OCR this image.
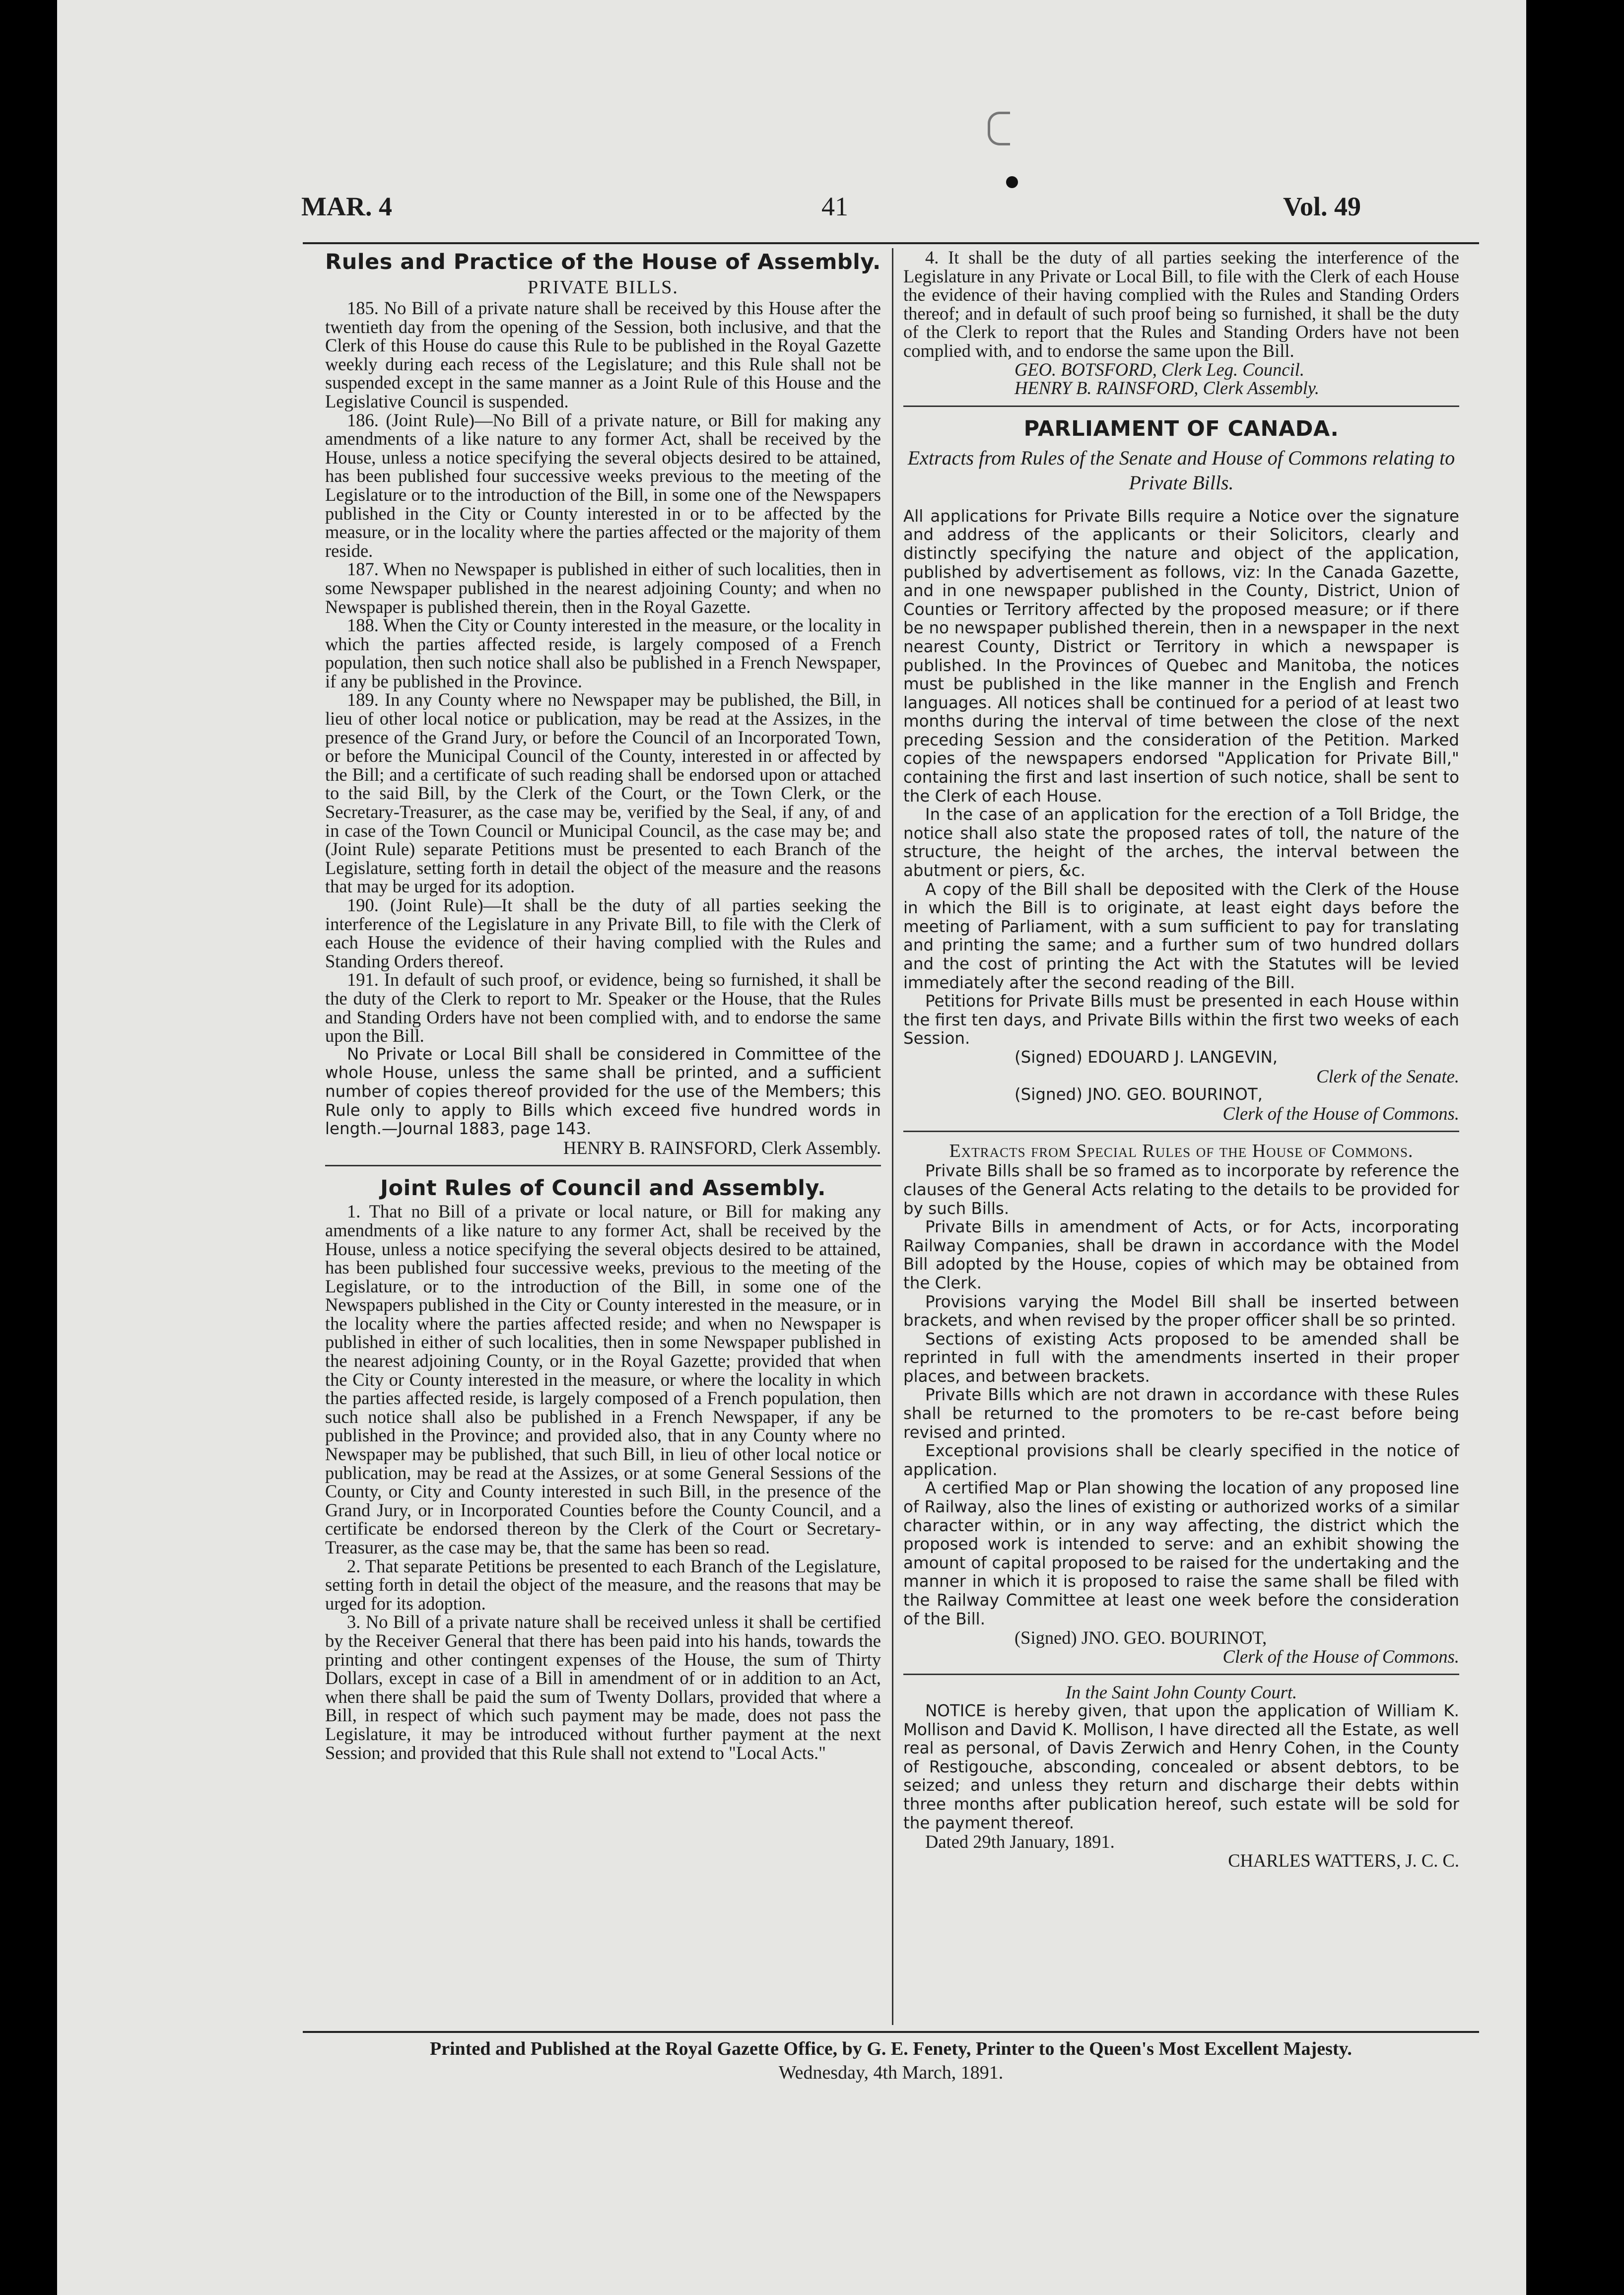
MAR. 4	41	Vol. 49
Rules and Practice of the House of Assembly.
PRIVATE BILLS.

185. No Bill of a private nature shall be received by this House after the twentieth day from the opening of the Session, both inclusive, and that the Clerk of this House do cause this Rule to be published in the Royal Gazette weekly during each recess of the Legislature; and this Rule shall not be suspended except in the same manner as a Joint Rule of this House and the Legislative Council is suspended.

186. (Joint Rule)—No Bill of a private nature, or Bill for making any amendments of a like nature to any former Act, shall be received by the House, unless a notice specifying the several objects desired to be attained, has been published four successive weeks previous to the meeting of the Legislature or to the introduction of the Bill, in some one of the Newspapers published in the City or County interested in or to be affected by the measure, or in the locality where the parties affected or the majority of them reside.

187. When no Newspaper is published in either of such localities, then in some Newspaper published in the nearest adjoining County; and when no Newspaper is published therein, then in the Royal Gazette.

188. When the City or County interested in the measure, or the locality in which the parties affected reside, is largely composed of a French population, then such notice shall also be published in a French Newspaper, if any be published in the Province.

189. In any County where no Newspaper may be published, the Bill, in lieu of other local notice or publication, may be read at the Assizes, in the presence of the Grand Jury, or before the Council of an Incorporated Town, or before the Municipal Council of the County, interested in or affected by the Bill; and a certificate of such reading shall be endorsed upon or attached to the said Bill, by the Clerk of the Court, or the Town Clerk, or the Secretary-Treasurer, as the case may be, verified by the Seal, if any, of and in case of the Town Council or Municipal Council, as the case may be; and (Joint Rule) separate Petitions must be presented to each Branch of the Legislature, setting forth in detail the object of the measure and the reasons that may be urged for its adoption.

190. (Joint Rule)—It shall be the duty of all parties seeking the interference of the Legislature in any Private Bill, to file with the Clerk of each House the evidence of their having complied with the Rules and Standing Orders thereof.

191. In default of such proof, or evidence, being so furnished, it shall be the duty of the Clerk to report to Mr. Speaker or the House, that the Rules and Standing Orders have not been complied with, and to endorse the same upon the Bill.

No Private or Local Bill shall be considered in Committee of the whole House, unless the same shall be printed, and a sufficient number of copies thereof provided for the use of the Members; this Rule only to apply to Bills which exceed five hundred words in length.—Journal 1883, page 143.

HENRY B. RAINSFORD, Clerk Assembly.

Joint Rules of Council and Assembly.

1. That no Bill of a private or local nature, or Bill for making any amendments of a like nature to any former Act, shall be received by the House, unless a notice specifying the several objects desired to be attained, has been published four successive weeks, previous to the meeting of the Legislature, or to the introduction of the Bill, in some one of the Newspapers published in the City or County interested in the measure, or in the locality where the parties affected reside; and when no Newspaper is published in either of such localities, then in some Newspaper published in the nearest adjoining County, or in the Royal Gazette; provided that when the City or County interested in the measure, or where the locality in which the parties affected reside, is largely composed of a French population, then such notice shall also be published in a French Newspaper, if any be published in the Province; and provided also, that in any County where no Newspaper may be published, that such Bill, in lieu of other local notice or publication, may be read at the Assizes, or at some General Sessions of the County, or City and County interested in such Bill, in the presence of the Grand Jury, or in Incorporated Counties before the County Council, and a certificate be endorsed thereon by the Clerk of the Court or Secretary-Treasurer, as the case may be, that the same has been so read.

2. That separate Petitions be presented to each Branch of the Legislature, setting forth in detail the object of the measure, and the reasons that may be urged for its adoption.

3. No Bill of a private nature shall be received unless it shall be certified by the Receiver General that there has been paid into his hands, towards the printing and other contingent expenses of the House, the sum of Thirty Dollars, except in case of a Bill in amendment of or in addition to an Act, when there shall be paid the sum of Twenty Dollars, provided that where a Bill, in respect of which such payment may be made, does not pass the Legislature, it may be introduced without further payment at the next Session; and provided that this Rule shall not extend to "Local Acts."

4. It shall be the duty of all parties seeking the interference of the Legislature in any Private or Local Bill, to file with the Clerk of each House the evidence of their having complied with the Rules and Standing Orders thereof; and in default of such proof being so furnished, it shall be the duty of the Clerk to report that the Rules and Standing Orders have not been complied with, and to endorse the same upon the Bill.

GEO. BOTSFORD, Clerk Leg. Council.

HENRY B. RAINSFORD, Clerk Assembly.

PARLIAMENT OF CANADA.
Extracts from Rules of the Senate and House of Commons relating to Private Bills.

All applications for Private Bills require a Notice over the signature and address of the applicants or their Solicitors, clearly and distinctly specifying the nature and object of the application, published by advertisement as follows, viz: In the Canada Gazette, and in one newspaper published in the County, District, Union of Counties or Territory affected by the proposed measure; or if there be no newspaper published therein, then in a newspaper in the next nearest County, District or Territory in which a newspaper is published. In the Provinces of Quebec and Manitoba, the notices must be published in the like manner in the English and French languages. All notices shall be continued for a period of at least two months during the interval of time between the close of the next preceding Session and the consideration of the Petition. Marked copies of the newspapers endorsed "Application for Private Bill," containing the first and last insertion of such notice, shall be sent to the Clerk of each House.

In the case of an application for the erection of a Toll Bridge, the notice shall also state the proposed rates of toll, the nature of the structure, the height of the arches, the interval between the abutment or piers, &c.

A copy of the Bill shall be deposited with the Clerk of the House in which the Bill is to originate, at least eight days before the meeting of Parliament, with a sum sufficient to pay for translating and printing the same; and a further sum of two hundred dollars and the cost of printing the Act with the Statutes will be levied immediately after the second reading of the Bill.

Petitions for Private Bills must be presented in each House within the first ten days, and Private Bills within the first two weeks of each Session.

(Signed) EDOUARD J. LANGEVIN,

Clerk of the Senate.

(Signed) JNO. GEO. BOURINOT,

Clerk of the House of Commons.

Extracts from Special Rules of the House of Commons.

Private Bills shall be so framed as to incorporate by reference the clauses of the General Acts relating to the details to be provided for by such Bills.

Private Bills in amendment of Acts, or for Acts, incorporating Railway Companies, shall be drawn in accordance with the Model Bill adopted by the House, copies of which may be obtained from the Clerk.

Provisions varying the Model Bill shall be inserted between brackets, and when revised by the proper officer shall be so printed.

Sections of existing Acts proposed to be amended shall be reprinted in full with the amendments inserted in their proper places, and between brackets.

Private Bills which are not drawn in accordance with these Rules shall be returned to the promoters to be re-cast before being revised and printed.

Exceptional provisions shall be clearly specified in the notice of application.

A certified Map or Plan showing the location of any proposed line of Railway, also the lines of existing or authorized works of a similar character within, or in any way affecting, the district which the proposed work is intended to serve: and an exhibit showing the amount of capital proposed to be raised for the undertaking and the manner in which it is proposed to raise the same shall be filed with the Railway Committee at least one week before the consideration of the Bill.

(Signed) JNO. GEO. BOURINOT,

Clerk of the House of Commons.

In the Saint John County Court.

NOTICE is hereby given, that upon the application of William K. Mollison and David K. Mollison, I have directed all the Estate, as well real as personal, of Davis Zerwich and Henry Cohen, in the County of Restigouche, absconding, concealed or absent debtors, to be seized; and unless they return and discharge their debts within three months after publication hereof, such estate will be sold for the payment thereof.

Dated 29th January, 1891.

CHARLES WATTERS, J. C. C.

Printed and Published at the Royal Gazette Office, by G. E. Fenety, Printer to the Queen's Most Excellent Majesty.
Wednesday, 4th March, 1891.
